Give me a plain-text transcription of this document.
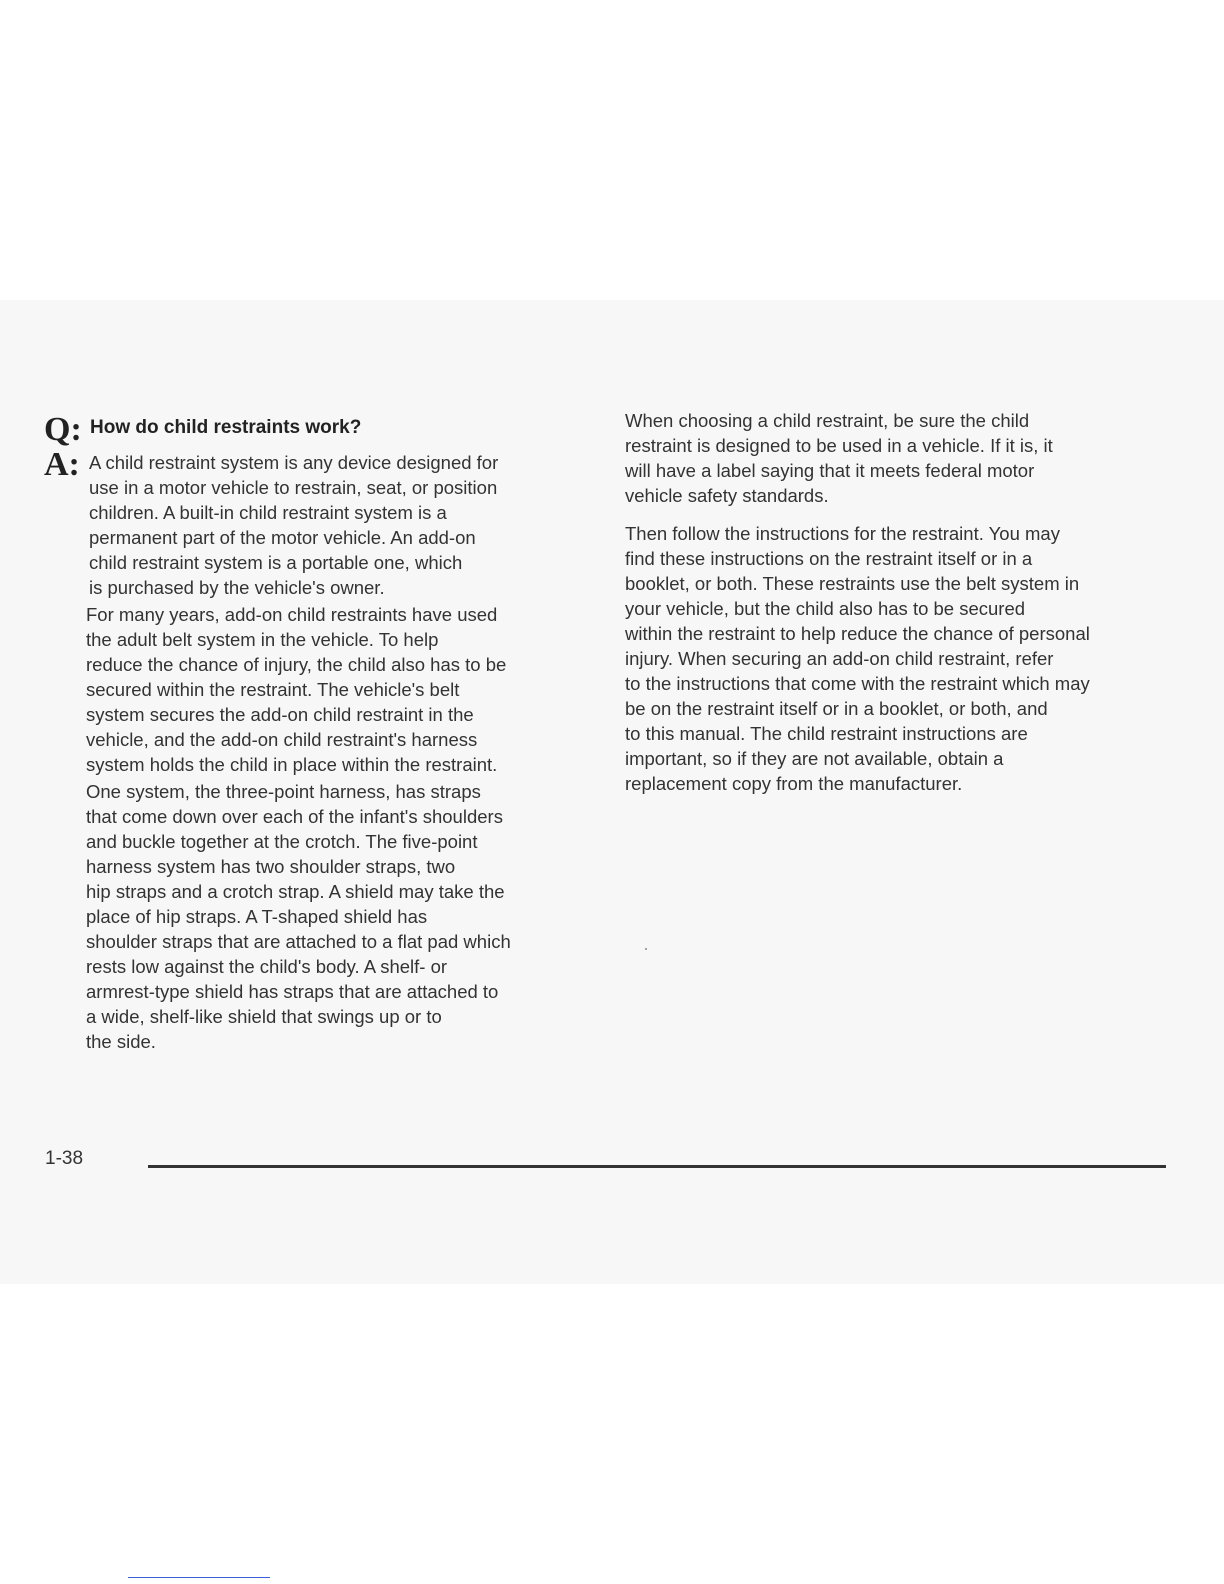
Q: How do child restraints work?
A: A child restraint system is any device designed for
use in a motor vehicle to restrain, seat, or position
children. A built-in child restraint system is a
permanent part of the motor vehicle. An add-on
child restraint system is a portable one, which
is purchased by the vehicle's owner.
For many years, add-on child restraints have used
the adult belt system in the vehicle. To help
reduce the chance of injury, the child also has to be
secured within the restraint. The vehicle's belt
system secures the add-on child restraint in the
vehicle, and the add-on child restraint's harness
system holds the child in place within the restraint.
One system, the three-point harness, has straps
that come down over each of the infant's shoulders
and buckle together at the crotch. The five-point
harness system has two shoulder straps, two
hip straps and a crotch strap. A shield may take the
place of hip straps. A T-shaped shield has
shoulder straps that are attached to a flat pad which
rests low against the child's body. A shelf- or
armrest-type shield has straps that are attached to
a wide, shelf-like shield that swings up or to
the side.
When choosing a child restraint, be sure the child
restraint is designed to be used in a vehicle. If it is, it
will have a label saying that it meets federal motor
vehicle safety standards.
Then follow the instructions for the restraint. You may
find these instructions on the restraint itself or in a
booklet, or both. These restraints use the belt system in
your vehicle, but the child also has to be secured
within the restraint to help reduce the chance of personal
injury. When securing an add-on child restraint, refer
to the instructions that come with the restraint which may
be on the restraint itself or in a booklet, or both, and
to this manual. The child restraint instructions are
important, so if they are not available, obtain a
replacement copy from the manufacturer.
1-38
